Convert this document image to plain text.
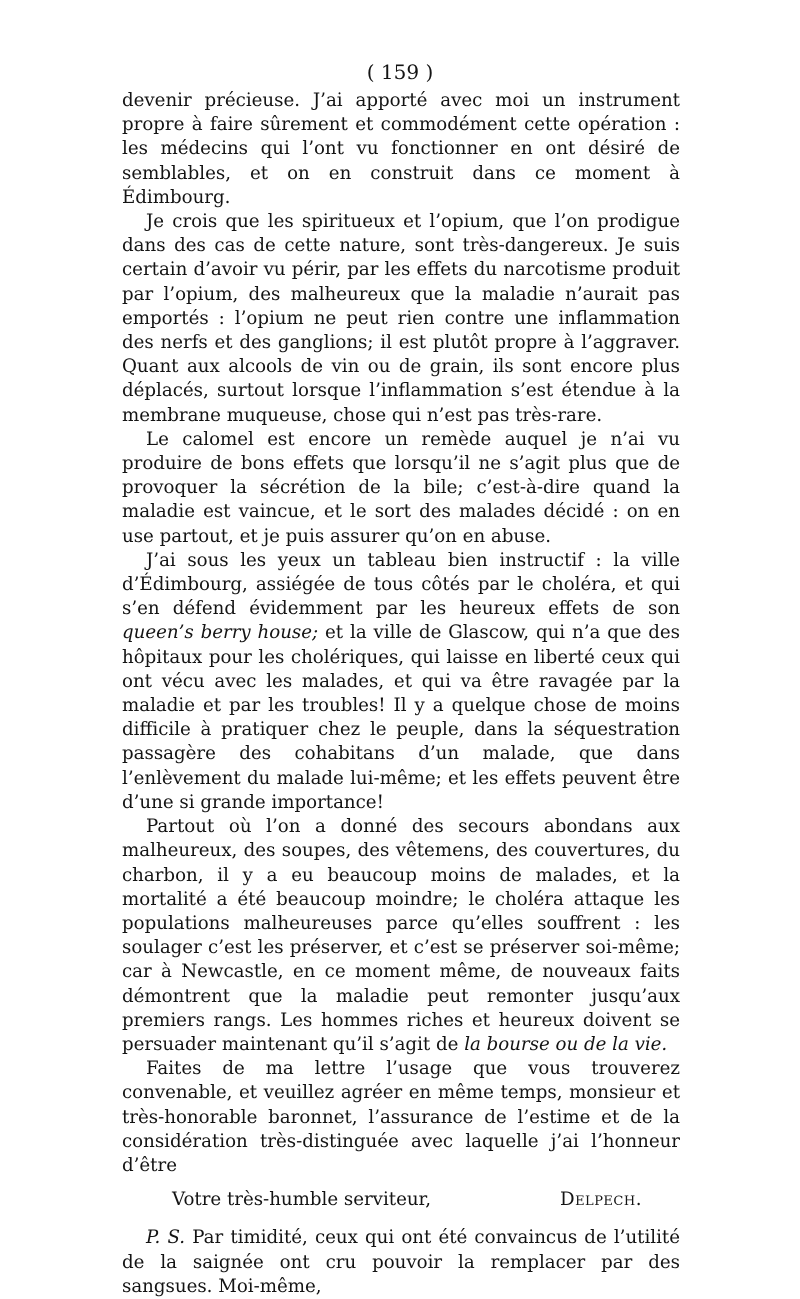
( 159 )

devenir précieuse. J’ai apporté avec moi un instrument propre à faire sûrement et commodément cette opération : les médecins qui l’ont vu fonctionner en ont désiré de semblables, et on en construit dans ce moment à Édimbourg.

Je crois que les spiritueux et l’opium, que l’on prodigue dans des cas de cette nature, sont très-dangereux. Je suis certain d’avoir vu périr, par les effets du narcotisme produit par l’opium, des malheureux que la maladie n’aurait pas emportés : l’opium ne peut rien contre une inflammation des nerfs et des ganglions; il est plutôt propre à l’aggraver. Quant aux alcools de vin ou de grain, ils sont encore plus déplacés, surtout lorsque l’inflammation s’est étendue à la membrane muqueuse, chose qui n’est pas très-rare.

Le calomel est encore un remède auquel je n’ai vu produire de bons effets que lorsqu’il ne s’agit plus que de provoquer la sécrétion de la bile; c’est-à-dire quand la maladie est vaincue, et le sort des malades décidé : on en use partout, et je puis assurer qu’on en abuse.

J’ai sous les yeux un tableau bien instructif : la ville d’Édimbourg, assiégée de tous côtés par le choléra, et qui s’en défend évidemment par les heureux effets de son queen’s berry house; et la ville de Glascow, qui n’a que des hôpitaux pour les cholériques, qui laisse en liberté ceux qui ont vécu avec les malades, et qui va être ravagée par la maladie et par les troubles! Il y a quelque chose de moins difficile à pratiquer chez le peuple, dans la séquestration passagère des cohabitans d’un malade, que dans l’enlèvement du malade lui-même; et les effets peuvent être d’une si grande importance!

Partout où l’on a donné des secours abondans aux malheureux, des soupes, des vêtemens, des couvertures, du charbon, il y a eu beaucoup moins de malades, et la mortalité a été beaucoup moindre; le choléra attaque les populations malheureuses parce qu’elles souffrent : les soulager c’est les préserver, et c’est se préserver soi-même; car à Newcastle, en ce moment même, de nouveaux faits démontrent que la maladie peut remonter jusqu’aux premiers rangs. Les hommes riches et heureux doivent se persuader maintenant qu’il s’agit de la bourse ou de la vie.

Faites de ma lettre l’usage que vous trouverez convenable, et veuillez agréer en même temps, monsieur et très-honorable baronnet, l’assurance de l’estime et de la considération très-distinguée avec laquelle j’ai l’honneur d’être

Votre très-humble serviteur,	Delpech.

P. S. Par timidité, ceux qui ont été convaincus de l’utilité de la saignée ont cru pouvoir la remplacer par des sangsues. Moi-même,
